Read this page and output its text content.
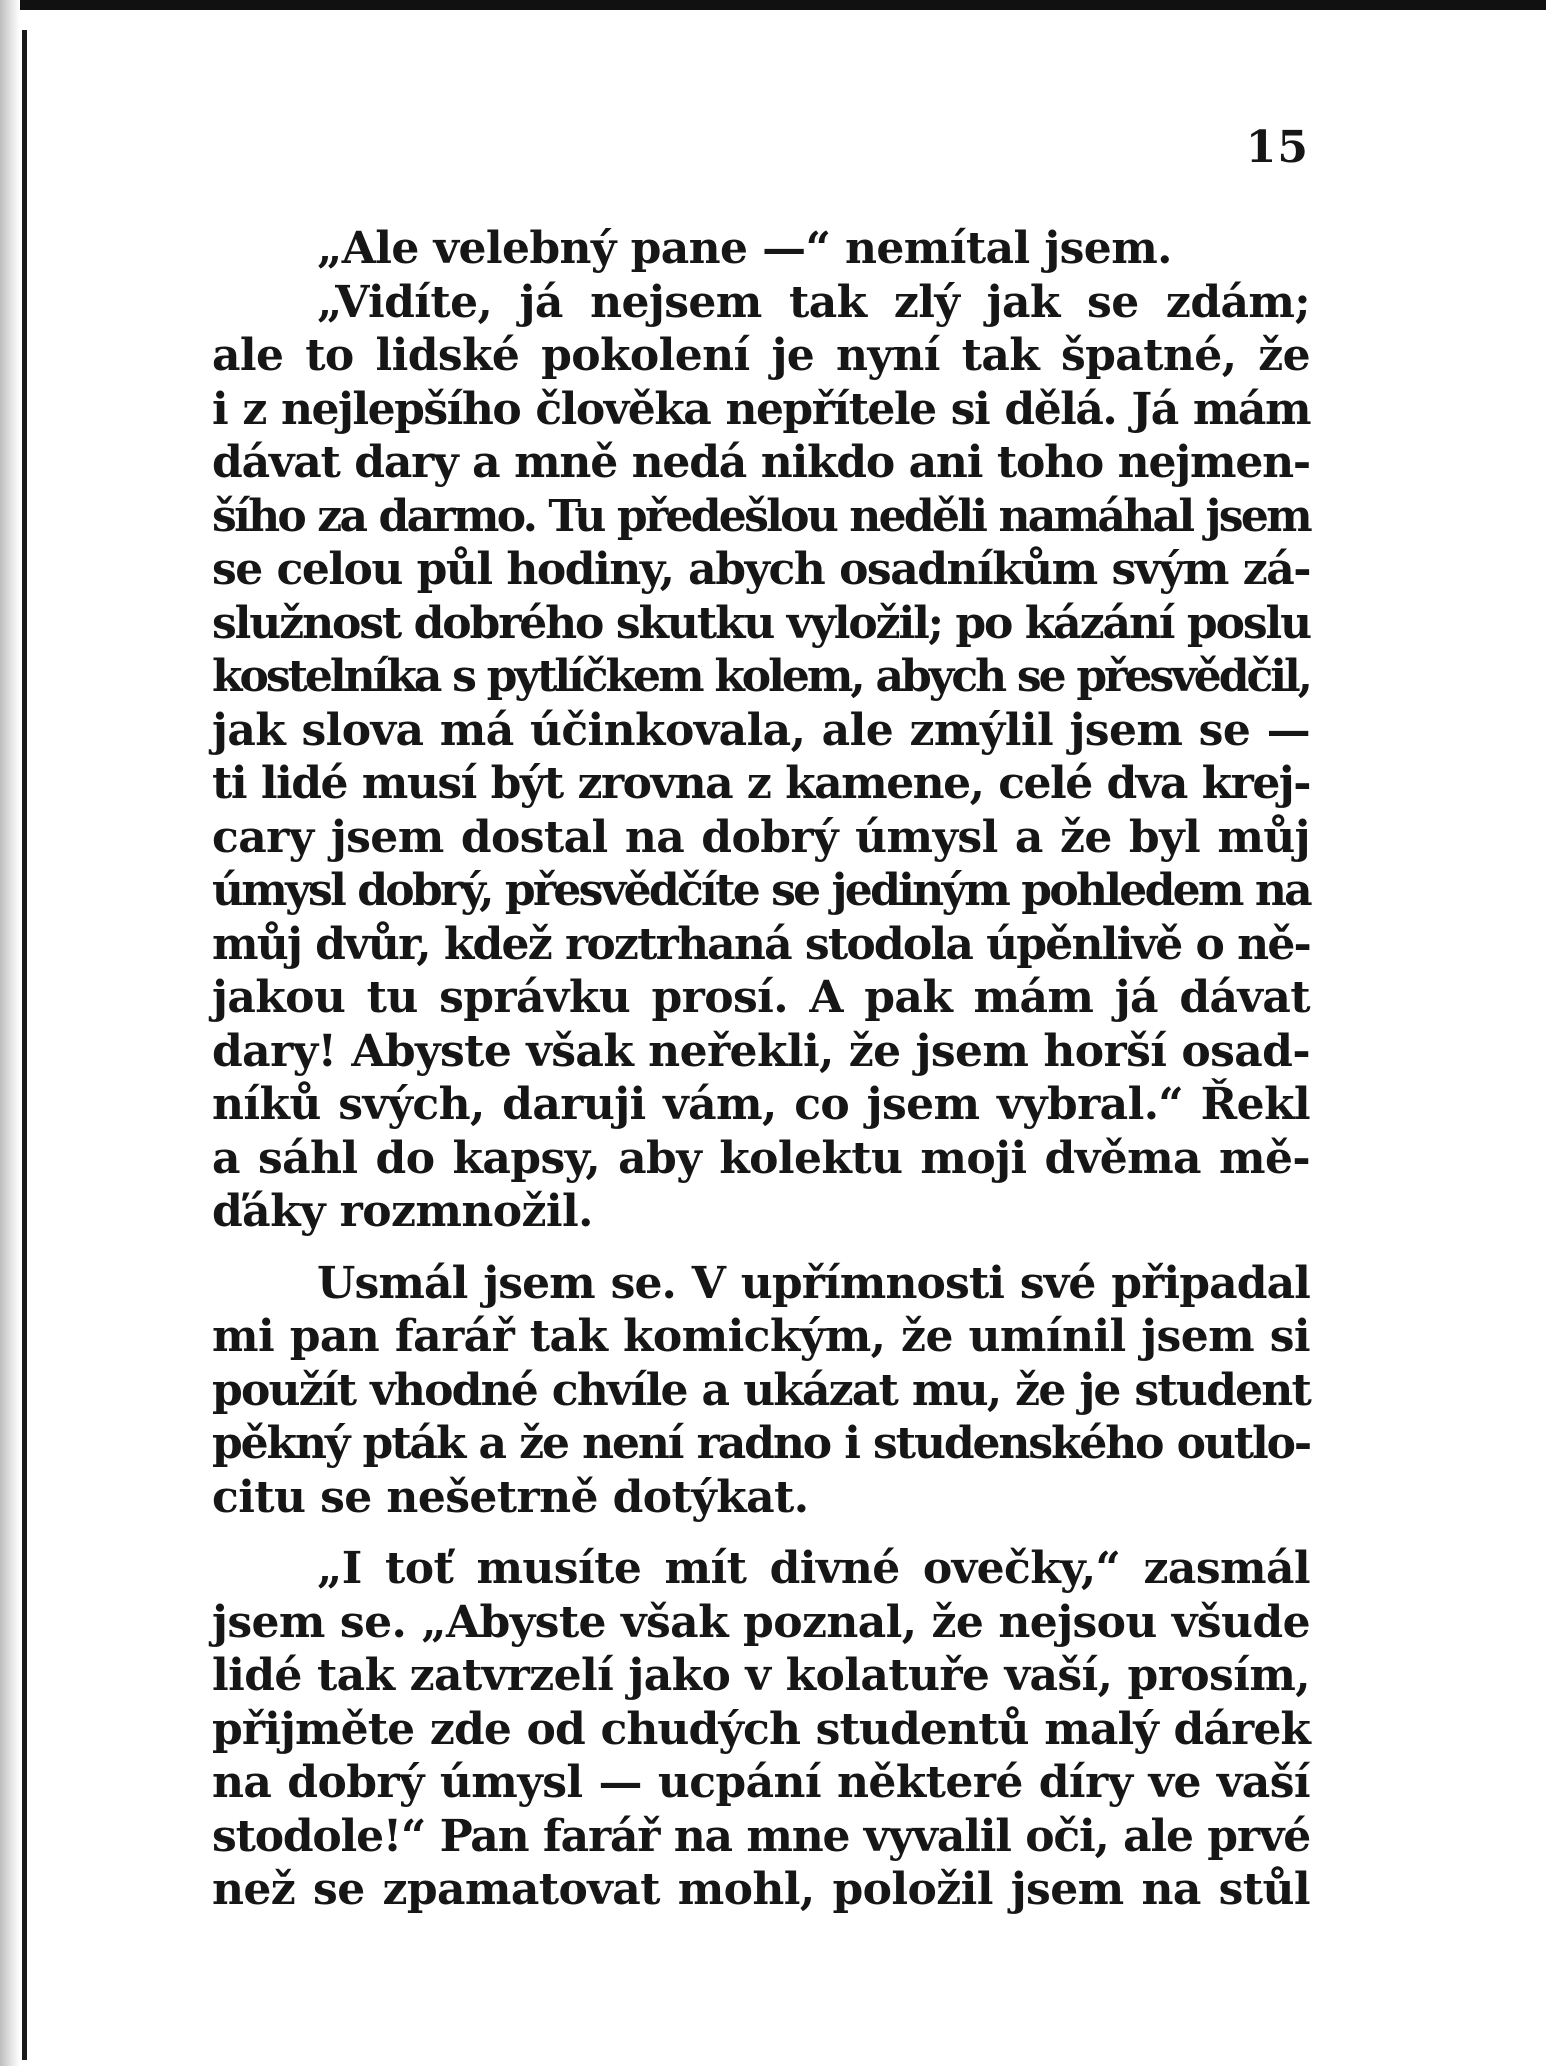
15
„Ale velebný pane —“ nemítal jsem.
„Vidíte, já nejsem tak zlý jak se zdám;
ale to lidské pokolení je nyní tak špatné, že
i z nejlepšího člověka nepřítele si dělá. Já mám
dávat dary a mně nedá nikdo ani toho nejmen-
šího za darmo. Tu předešlou neděli namáhal jsem
se celou půl hodiny, abych osadníkům svým zá-
služnost dobrého skutku vyložil; po kázání poslu
kostelníka s pytlíčkem kolem, abych se přesvědčil,
jak slova má účinkovala, ale zmýlil jsem se —
ti lidé musí být zrovna z kamene, celé dva krej-
cary jsem dostal na dobrý úmysl a že byl můj
úmysl dobrý, přesvědčíte se jediným pohledem na
můj dvůr, kdež roztrhaná stodola úpěnlivě o ně-
jakou tu správku prosí. A pak mám já dávat
dary! Abyste však neřekli, že jsem horší osad-
níků svých, daruji vám, co jsem vybral.“ Řekl
a sáhl do kapsy, aby kolektu moji dvěma mě-
ďáky rozmnožil.
Usmál jsem se. V upřímnosti své připadal
mi pan farář tak komickým, že umínil jsem si
použít vhodné chvíle a ukázat mu, že je student
pěkný pták a že není radno i studenského outlo-
citu se nešetrně dotýkat.
„I toť musíte mít divné ovečky,“ zasmál
jsem se. „Abyste však poznal, že nejsou všude
lidé tak zatvrzelí jako v kolatuře vaší, prosím,
přijměte zde od chudých studentů malý dárek
na dobrý úmysl — ucpání některé díry ve vaší
stodole!“ Pan farář na mne vyvalil oči, ale prvé
než se zpamatovat mohl, položil jsem na stůl
